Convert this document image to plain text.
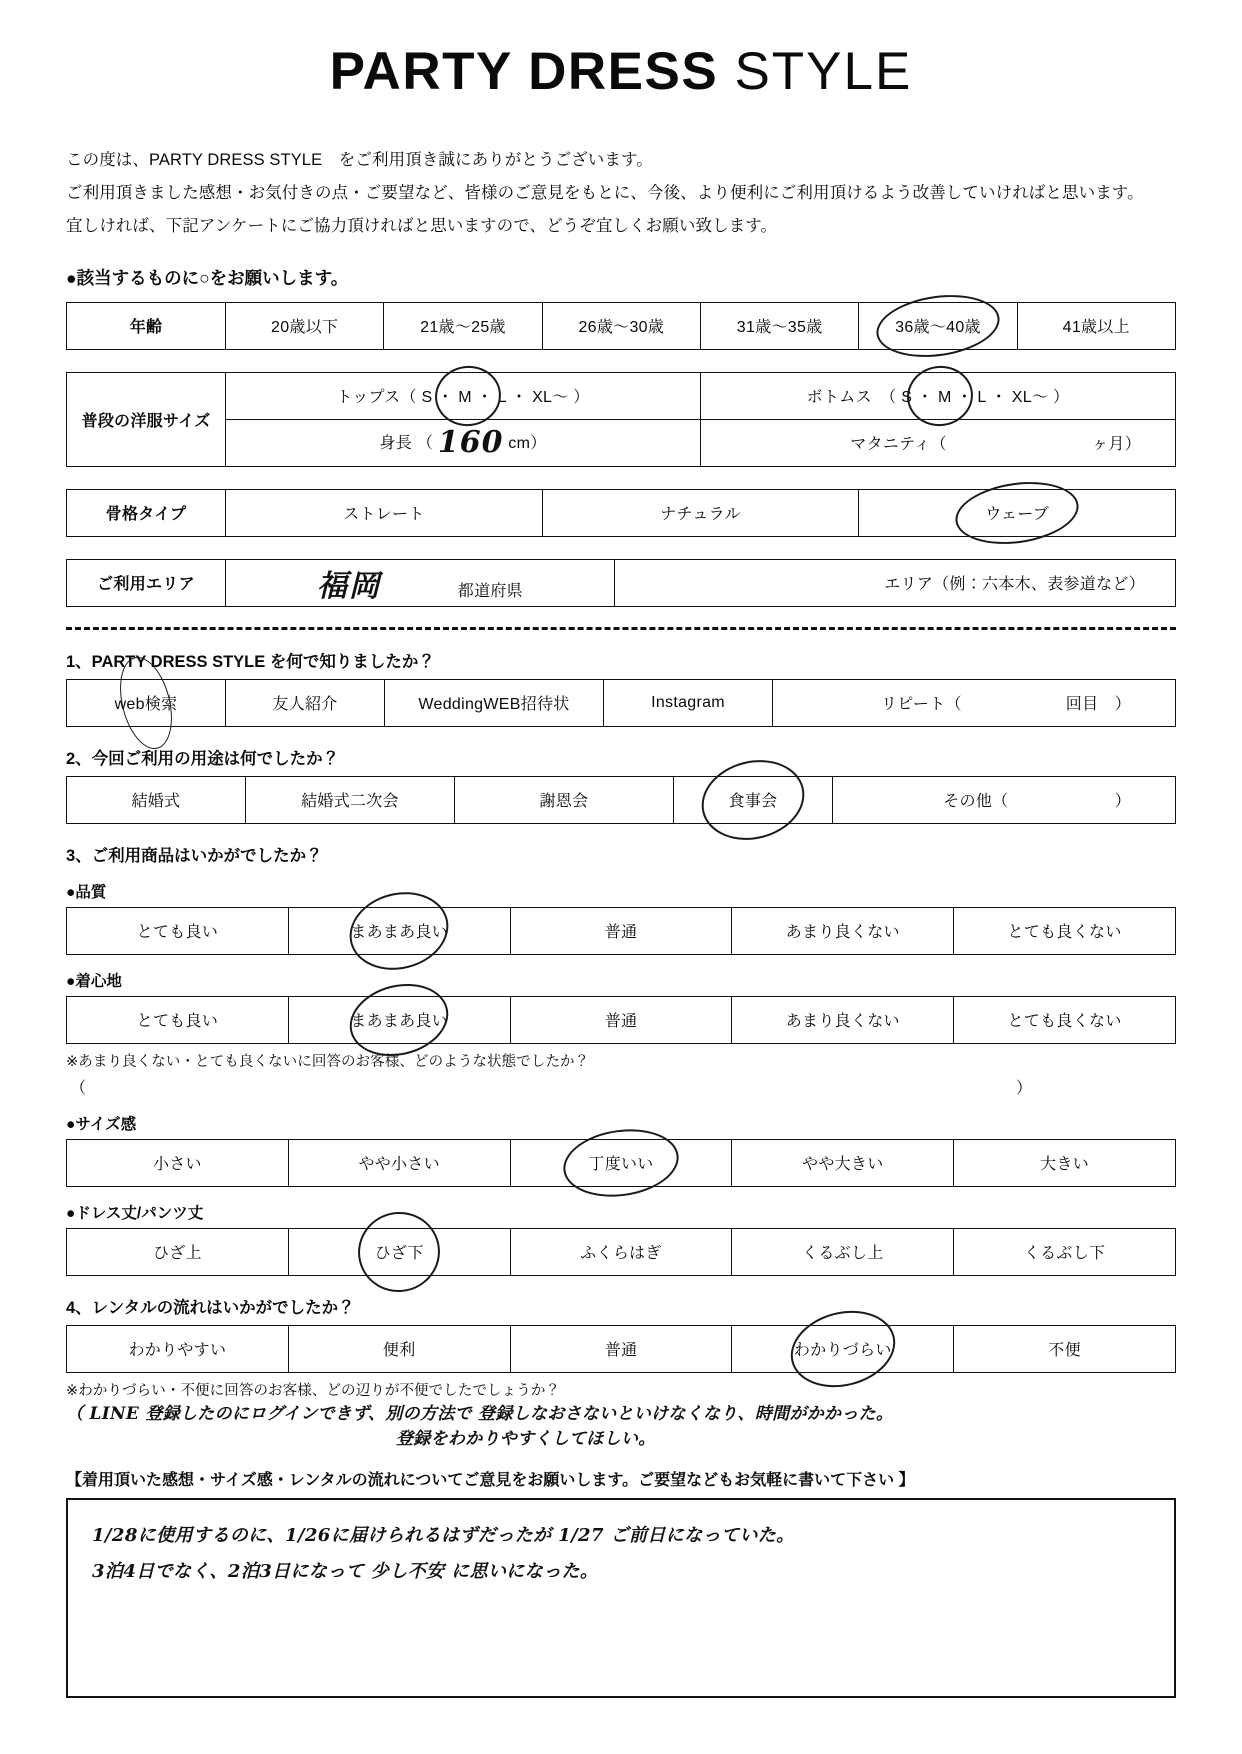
PARTY DRESS STYLE
この度は、PARTY DRESS STYLE　をご利用頂き誠にありがとうございます。
ご利用頂きました感想・お気付きの点・ご要望など、皆様のご意見をもとに、今後、より便利にご利用頂けるよう改善していければと思います。
宜しければ、下記アンケートにご協力頂ければと思いますので、どうぞ宜しくお願い致します。
●該当するものに○をお願いします。
年齢	20歳以下	21歳～25歳	26歳～30歳	31歳～35歳	36歳～40歳	41歳以上
普段の洋服サイズ	トップス（ S ・ M ・ L ・ XL～ ）	ボトムス　（ S ・ M ・ L ・ XL～ ）

	身長 （ 160 cm）	マタニティ（ ヶ月）
骨格タイプ	ストレート	ナチュラル	ウェーブ
ご利用エリア	福岡	都道府県	エリア（例：六本木、表参道など）
1、PARTY DRESS STYLE を何で知りましたか？
web検索	友人紹介	WeddingWEB招待状	Instagram	リピート（	回目　）
2、今回ご利用の用途は何でしたか？
結婚式	結婚式二次会	謝恩会	食事会	その他（	）
3、ご利用商品はいかがでしたか？
●品質
とても良い	まあまあ良い	普通	あまり良くない	とても良くない
●着心地
とても良い	まあまあ良い	普通	あまり良くない	とても良くない
※あまり良くない・とても良くないに回答のお客様、どのような状態でしたか？
（	）
●サイズ感
小さい	やや小さい	丁度いい	やや大きい	大きい
●ドレス丈/パンツ丈
ひざ上	ひざ下	ふくらはぎ	くるぶし上	くるぶし下
4、レンタルの流れはいかがでしたか？
わかりやすい	便利	普通	わかりづらい	不便
※わかりづらい・不便に回答のお客様、どの辺りが不便でしたでしょうか？
（ LINE 登録したのにログインできず、別の方法で 登録しなおさないといけなくなり、時間がかかった。
登録をわかりやすくしてほしい。
【着用頂いた感想・サイズ感・レンタルの流れについてご意見をお願いします。ご要望などもお気軽に書いて下さい 】
1/28に使用するのに、1/26に届けられるはずだったが 1/27 ご前日になっていた。
3泊4日でなく、2泊3日になって 少し不安 に思いになった。
